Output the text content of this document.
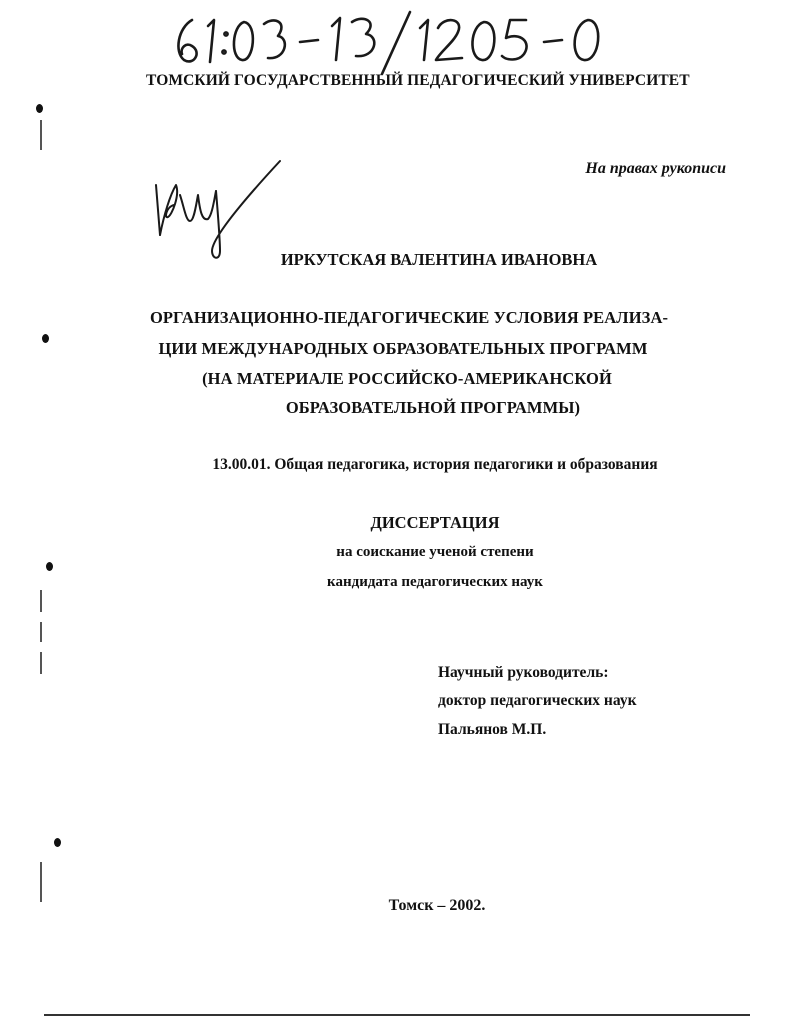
ТОМСКИЙ ГОСУДАРСТВЕННЫЙ ПЕДАГОГИЧЕСКИЙ УНИВЕРСИТЕТ
На правах рукописи
ИРКУТСКАЯ ВАЛЕНТИНА ИВАНОВНА
ОРГАНИЗАЦИОННО-ПЕДАГОГИЧЕСКИЕ УСЛОВИЯ РЕАЛИЗА-
ЦИИ МЕЖДУНАРОДНЫХ ОБРАЗОВАТЕЛЬНЫХ ПРОГРАММ
(НА МАТЕРИАЛЕ РОССИЙСКО-АМЕРИКАНСКОЙ
ОБРАЗОВАТЕЛЬНОЙ ПРОГРАММЫ)
13.00.01. Общая педагогика, история педагогики и образования
ДИССЕРТАЦИЯ
на соискание ученой степени
кандидата педагогических наук
Научный руководитель:
доктор педагогических наук
Пальянов М.П.
Томск – 2002.
